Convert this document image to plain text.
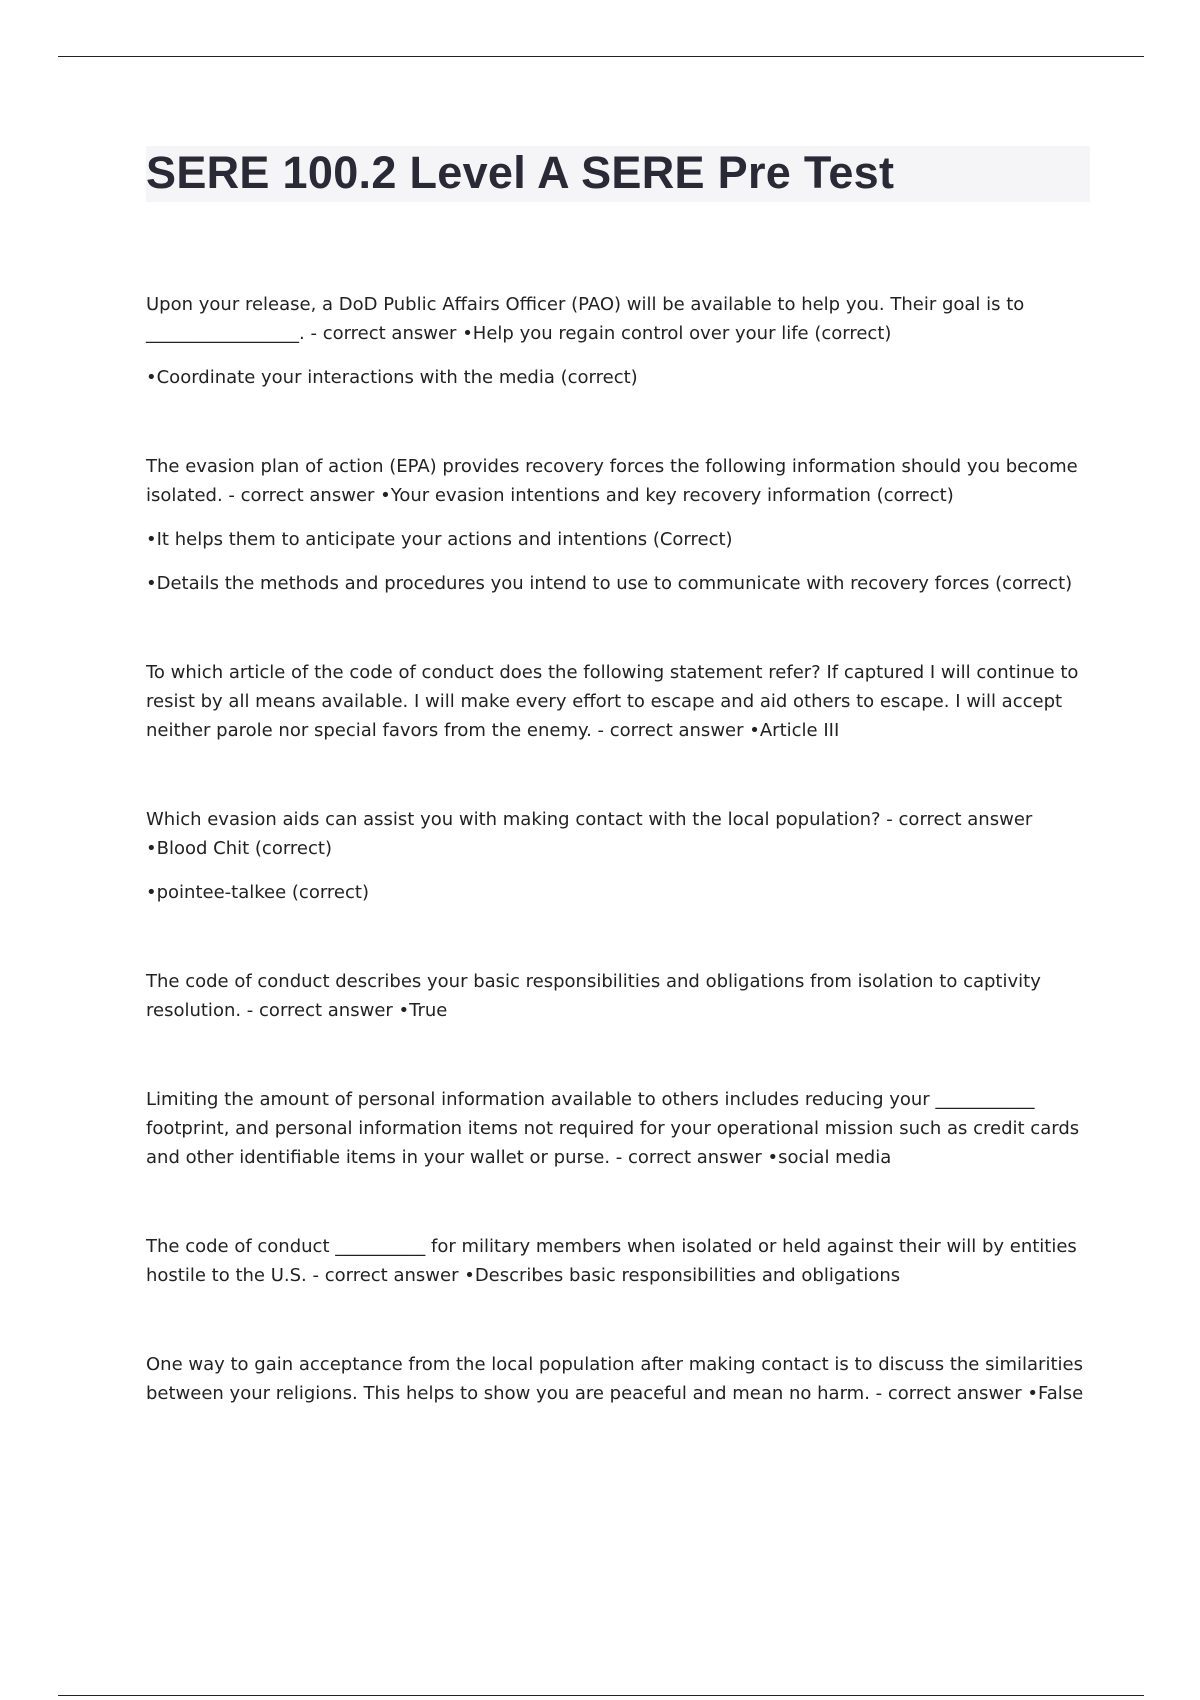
SERE 100.2 Level A SERE Pre Test

Upon your release, a DoD Public Affairs Officer (PAO) will be available to help you. Their goal is to _________________. - correct answer •Help you regain control over your life (correct)

•Coordinate your interactions with the media (correct)

The evasion plan of action (EPA) provides recovery forces the following information should you become isolated. - correct answer •Your evasion intentions and key recovery information (correct)

•It helps them to anticipate your actions and intentions (Correct)

•Details the methods and procedures you intend to use to communicate with recovery forces (correct)

To which article of the code of conduct does the following statement refer? If captured I will continue to resist by all means available. I will make every effort to escape and aid others to escape. I will accept neither parole nor special favors from the enemy. - correct answer •Article III

Which evasion aids can assist you with making contact with the local population? - correct answer •Blood Chit (correct)

•pointee-talkee (correct)

The code of conduct describes your basic responsibilities and obligations from isolation to captivity resolution. - correct answer •True

Limiting the amount of personal information available to others includes reducing your ___________ footprint, and personal information items not required for your operational mission such as credit cards and other identifiable items in your wallet or purse. - correct answer •social media

The code of conduct __________ for military members when isolated or held against their will by entities hostile to the U.S. - correct answer •Describes basic responsibilities and obligations

One way to gain acceptance from the local population after making contact is to discuss the similarities between your religions. This helps to show you are peaceful and mean no harm. - correct answer •False
